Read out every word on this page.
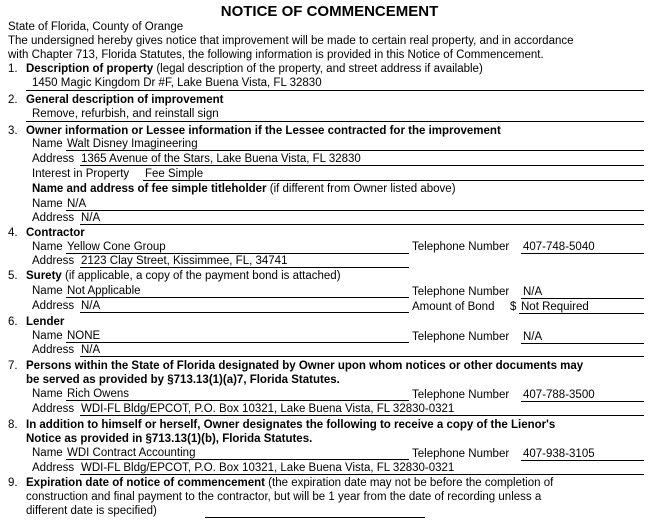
NOTICE OF COMMENCEMENT
State of Florida, County of Orange
The undersigned hereby gives notice that improvement will be made to certain real property, and in accordance
with Chapter 713, Florida Statutes, the following information is provided in this Notice of Commencement.
1. Description of property (legal description of the property, and street address if available)
1450 Magic Kingdom Dr #F, Lake Buena Vista, FL 32830
2. General description of improvement
Remove, refurbish, and reinstall sign
3. Owner information or Lessee information if the Lessee contracted for the improvement
Name Walt Disney Imagineering
Address 1365 Avenue of the Stars, Lake Buena Vista, FL 32830
Interest in Property Fee Simple
Name and address of fee simple titleholder (if different from Owner listed above)
Name N/A
Address N/A
4. Contractor
Name Yellow Cone Group	Telephone Number 407-748-5040
Address 2123 Clay Street, Kissimmee, FL, 34741
5. Surety (if applicable, a copy of the payment bond is attached)
Name Not Applicable	Telephone Number N/A
Address N/A	Amount of Bond $ Not Required
6. Lender
Name NONE	Telephone Number N/A
Address N/A
7. Persons within the State of Florida designated by Owner upon whom notices or other documents may
be served as provided by §713.13(1)(a)7, Florida Statutes.
Name Rich Owens	Telephone Number 407-788-3500
Address WDI-FL Bldg/EPCOT, P.O. Box 10321, Lake Buena Vista, FL 32830-0321
8. In addition to himself or herself, Owner designates the following to receive a copy of the Lienor's
Notice as provided in §713.13(1)(b), Florida Statutes.
Name WDI Contract Accounting	Telephone Number 407-938-3105
Address WDI-FL Bldg/EPCOT, P.O. Box 10321, Lake Buena Vista, FL 32830-0321
9. Expiration date of notice of commencement (the expiration date may not be before the completion of
construction and final payment to the contractor, but will be 1 year from the date of recording unless a
different date is specified)
